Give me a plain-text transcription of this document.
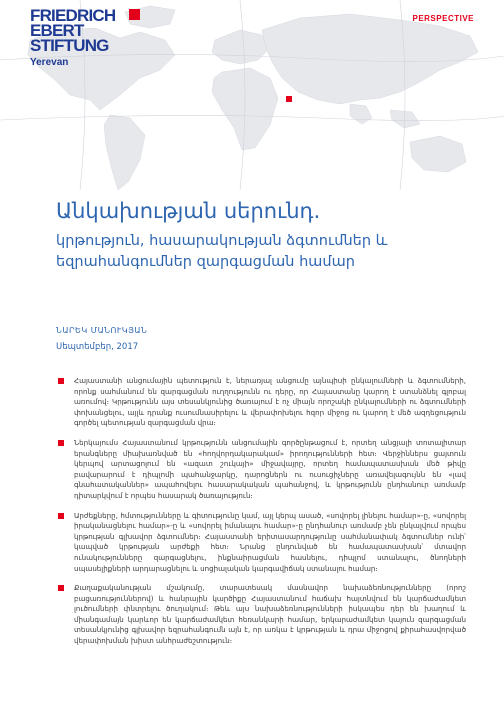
FRIEDRICH
EBERT
STIFTUNG
Yerevan
PERSPECTIVE
Անկախության սերունդ․
կրթություն, հասարակության ձգտումներ և եզրահանգումներ զարգացման համար
ՆԱՐԵԿ ՄԱՆՈՒԿՅԱՆ
Սեպտեմբեր, 2017
Հայաստանի անցումային պետություն է, ներառյալ անցումը այնպիսի ընկալումների և ձգտումների, որոնք սահմանում են զարգացման ուղղությունն ու դերը, որ Հայաստանը կարող է ստանձնել գլոբալ առումով։ Կրթությունն այս տեսանկյունից ծառայում է ոչ միայն որոշակի ընկալումների ու ձգտումների փոխանցելու, այլև դրանք ուսումնասիրելու և վերափոխելու հզոր միջոց ու կարող է մեծ ազդեցություն գործել պետության զարգացման վրա։
Ներկայումս Հայաստանում կրթությունն անցումային գործընթացում է, որտեղ անցյալի տոտալիտար երանգները միախառնված են «հողվորդակարակամ» իրողությունների հետ։ Վերջիններս ցայտուն կերպով արտացոլում են «ազատ շուկայի» միջավայրը, որտեղ համապատասխան մեծ թիվը բավարարում է դիպլոմի պահանջարկը, դարոցներն ու ուսուցիչները առավելագույնն են «լավ գնահատականներ» ապահովելու հասարակական պահանջով, և կրթությունն ընդհանուր առմամբ դիտարկվում է որպես հասարակ ծառայություն։
Արժեքները, հմտությունները և գիտությունը կամ, այլ կերպ ասած, «սովորել լինելու համար»-ը, «սովորել իրականացնելու համար»-ը և «սովորել իմանալու համար»-ը ընդհանուր առմամբ չեն ընկալվում որպես կրթության գլխավոր ձգտումներ։ Հայաստանի երիտասարդությունը սահմանափակ ձգտումներ ունի՝ կապված կրթության արժեքի հետ։ Նրանց ընդունված են համապատասխան՝ մտավոր ունակությունները զարգացնելու, ինքնաիրացման հասնելու, դիպլոմ ստանալու, ծնողների սպասելիքների արդարացնելու և սոցիալական կարգավիճակ ստանալու համար։
Քաղաքականության մշակումը, տարատեսակ մասնավոր նախաձեռնությունները (որոշ բացառություններով) և հանրային կարծիքը Հայաստանում հաճախ հայտնվում են կարճաժամկետ լուծումների փնտրելու ծուղակում։ Թեև այս նախաձեռնությունների իսկապես դեր են խաղում և միանգամայն կարևոր են կարճաժամկետ հեռանկարի համար, երկարաժամկետ կայուն զարգացման տեսանկյունից գլխավոր եզրահանգումն այն է, որ առկա է կրթության և դրա միջոցով քիրահասվորված վերափոխման խիստ անհրաժեշտություն։
